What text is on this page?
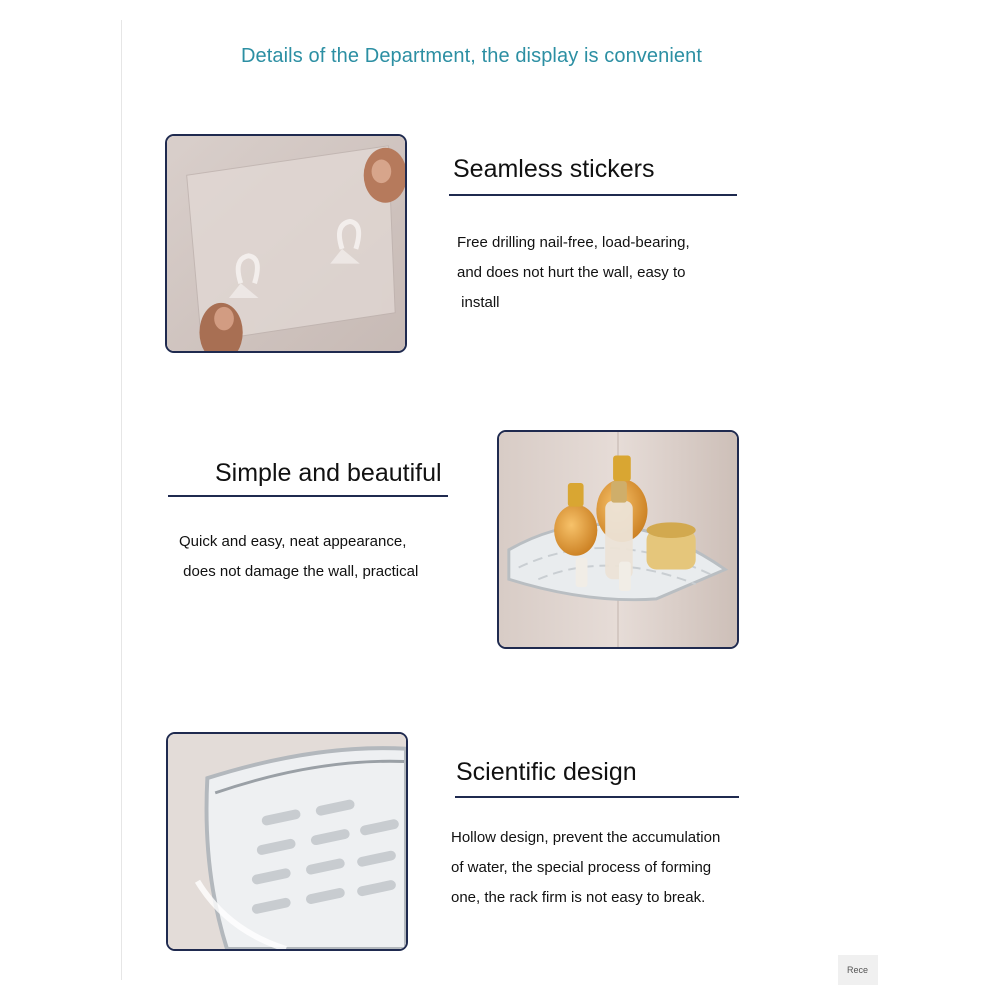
Details of the Department, the display is convenient
Seamless stickers
Free drilling nail-free, load-bearing,
and does not hurt the wall, easy to
install
Simple and beautiful
Quick and easy, neat appearance,
does not damage the wall, practical
Scientific design
Hollow design, prevent the accumulation
of water, the special process of forming
one, the rack firm is not easy to break.
Rece
